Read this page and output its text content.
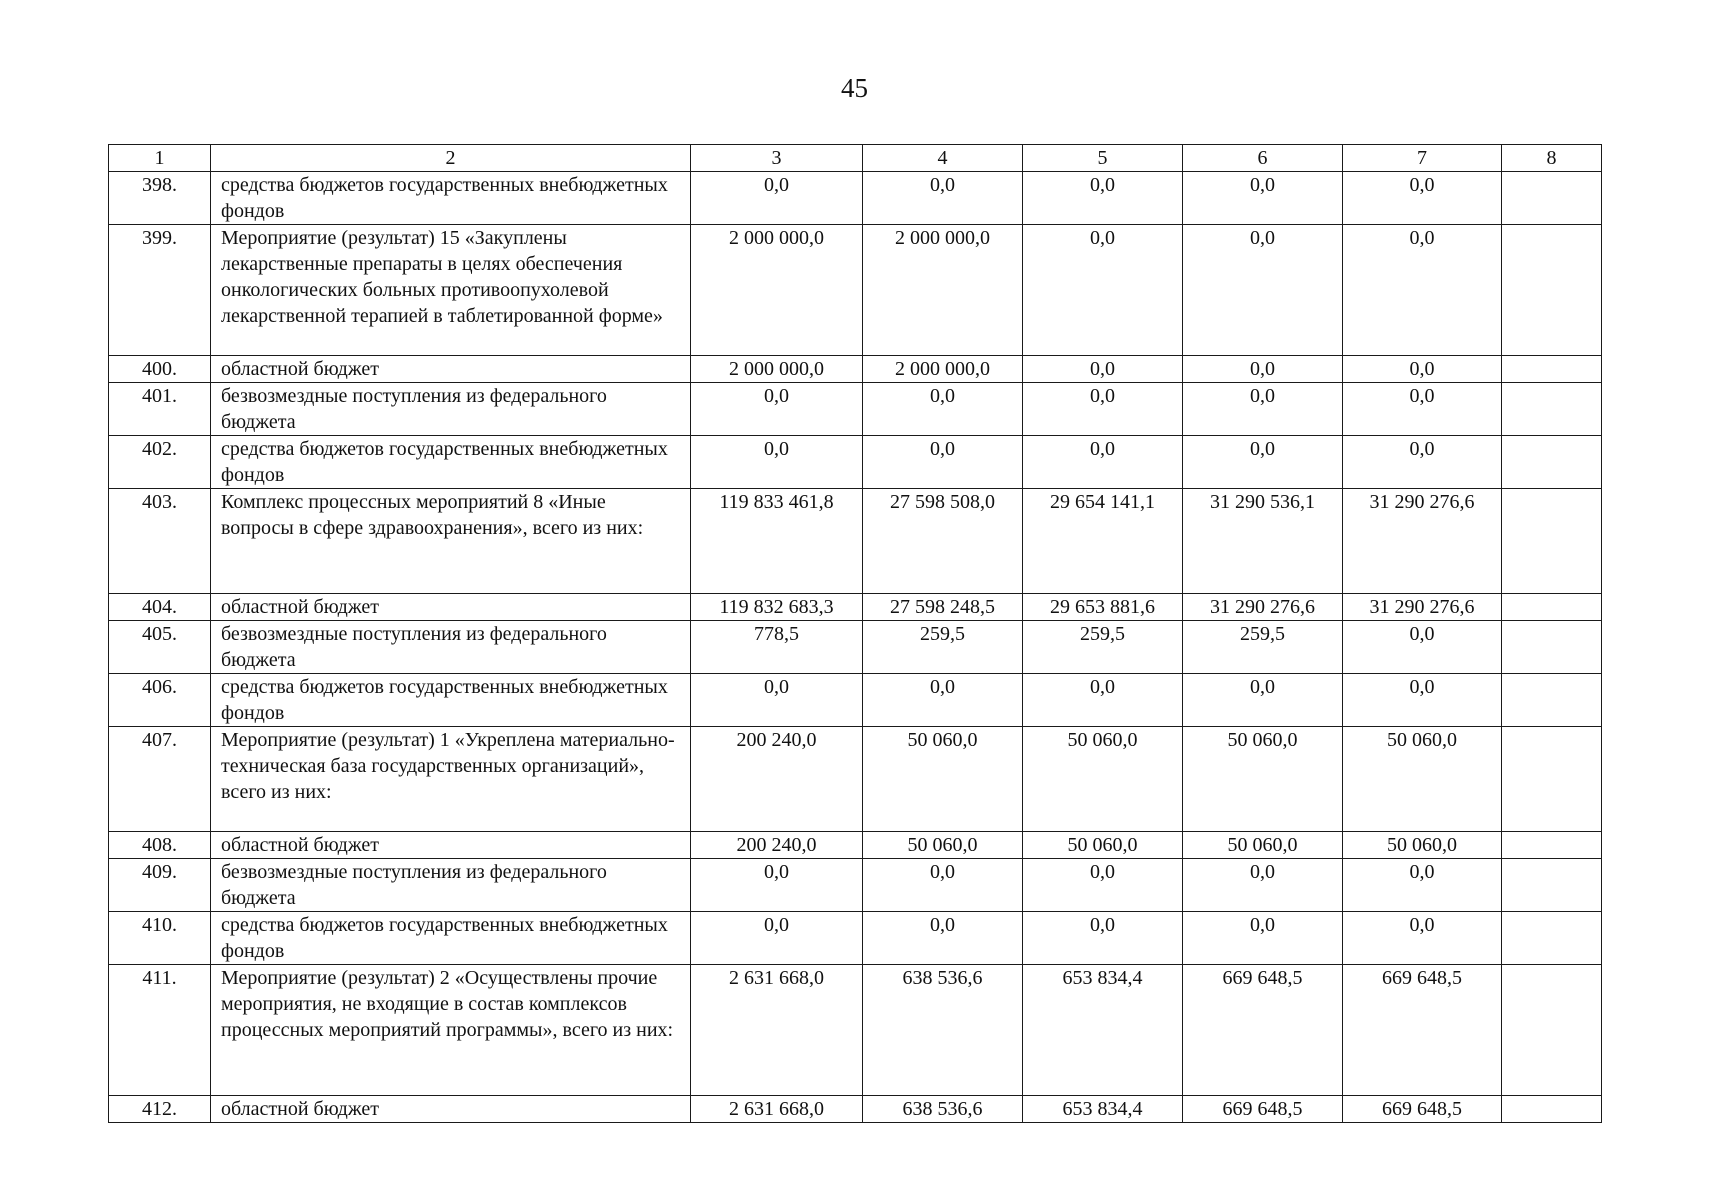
45
1	2	3	4	5	6	7	8
398.	средства бюджетов государственных внебюджетных фондов	0,0	0,0	0,0	0,0	0,0	
399.	Мероприятие (результат) 15 «Закуплены лекарственные препараты в целях обеспечения онкологических больных противоопухолевой лекарственной терапией в таблетированной форме»	2 000 000,0	2 000 000,0	0,0	0,0	0,0	
400.	областной бюджет	2 000 000,0	2 000 000,0	0,0	0,0	0,0	
401.	безвозмездные поступления из федерального бюджета	0,0	0,0	0,0	0,0	0,0	
402.	средства бюджетов государственных внебюджетных фондов	0,0	0,0	0,0	0,0	0,0	
403.	Комплекс процессных мероприятий 8 «Иные вопросы в сфере здравоохранения», всего из них:	119 833 461,8	27 598 508,0	29 654 141,1	31 290 536,1	31 290 276,6	
404.	областной бюджет	119 832 683,3	27 598 248,5	29 653 881,6	31 290 276,6	31 290 276,6	
405.	безвозмездные поступления из федерального бюджета	778,5	259,5	259,5	259,5	0,0	
406.	средства бюджетов государственных внебюджетных фондов	0,0	0,0	0,0	0,0	0,0	
407.	Мероприятие (результат) 1 «Укреплена материально-техническая база государственных организаций», всего из них:	200 240,0	50 060,0	50 060,0	50 060,0	50 060,0	
408.	областной бюджет	200 240,0	50 060,0	50 060,0	50 060,0	50 060,0	
409.	безвозмездные поступления из федерального бюджета	0,0	0,0	0,0	0,0	0,0	
410.	средства бюджетов государственных внебюджетных фондов	0,0	0,0	0,0	0,0	0,0	
411.	Мероприятие (результат) 2 «Осуществлены прочие мероприятия, не входящие в состав комплексов процессных мероприятий программы», всего из них:	2 631 668,0	638 536,6	653 834,4	669 648,5	669 648,5	
412.	областной бюджет	2 631 668,0	638 536,6	653 834,4	669 648,5	669 648,5	
